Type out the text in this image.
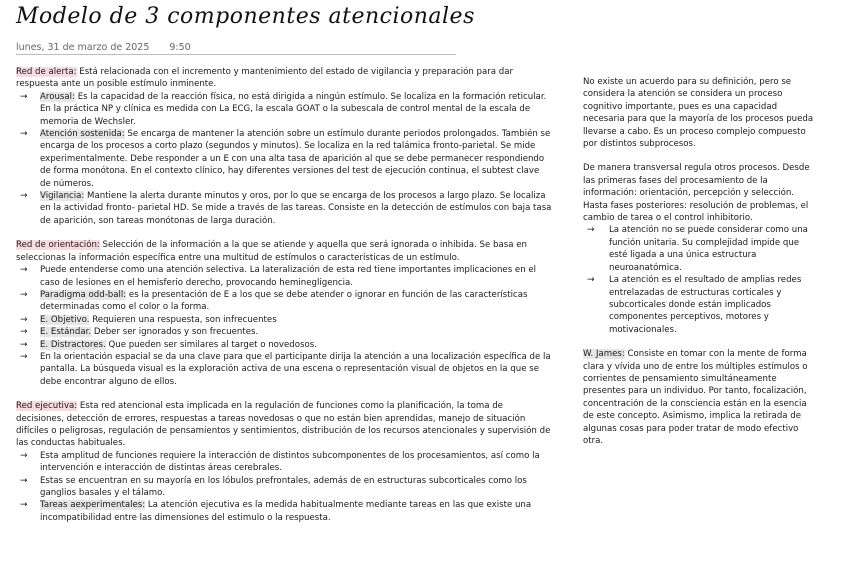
Modelo de 3 componentes atencionales
lunes, 31 de marzo de 2025 9:50

Red de alerta: Está relacionada con el incremento y mantenimiento del estado de vigilancia y preparación para dar respuesta ante un posible estímulo inminente.

→	Arousal: Es la capacidad de la reacción física, no está dirigida a ningún estímulo. Se localiza en la formación reticular. En la práctica NP y clínica es medida con La ECG, la escala GOAT o la subescala de control mental de la escala de memoria de Wechsler.
→	Atención sostenida: Se encarga de mantener la atención sobre un estímulo durante periodos prolongados. También se encarga de los procesos a corto plazo (segundos y minutos). Se localiza en la red talámica fronto-parietal. Se mide experimentalmente. Debe responder a un E con una alta tasa de aparición al que se debe permanecer respondiendo de forma monótona. En el contexto clínico, hay diferentes versiones del test de ejecución continua, el subtest clave de números.
→	Vigilancia: Mantiene la alerta durante minutos y oros, por lo que se encarga de los procesos a largo plazo. Se localiza en la actividad fronto- parietal HD. Se mide a través de las tareas. Consiste en la detección de estímulos con baja tasa de aparición, son tareas monótonas de larga duración.

Red de orientación: Selección de la información a la que se atiende y aquella que será ignorada o inhibida. Se basa en seleccionas la información específica entre una multitud de estímulos o características de un estímulo.

→	Puede entenderse como una atención selectiva. La lateralización de esta red tiene importantes implicaciones en el caso de lesiones en el hemisferio derecho, provocando heminegligencia.
→	Paradigma odd-ball: es la presentación de E a los que se debe atender o ignorar en función de las características determinadas como el color o la forma.
→	E. Objetivo. Requieren una respuesta, son infrecuentes
→	E. Estándar. Deber ser ignorados y son frecuentes.
→	E. Distractores. Que pueden ser similares al target o novedosos.
→	En la orientación espacial se da una clave para que el participante dirija la atención a una localización específica de la pantalla. La búsqueda visual es la exploración activa de una escena o representación visual de objetos en la que se debe encontrar alguno de ellos.

Red ejecutiva: Esta red atencional esta implicada en la regulación de funciones como la planificación, la toma de decisiones, detección de errores, respuestas a tareas novedosas o que no están bien aprendidas, manejo de situación difíciles o peligrosas, regulación de pensamientos y sentimientos, distribución de los recursos atencionales y supervisión de las conductas habituales.

→	Esta amplitud de funciones requiere la interacción de distintos subcomponentes de los procesamientos, así como la intervención e interacción de distintas áreas cerebrales.
→	Estas se encuentran en su mayoría en los lóbulos prefrontales, además de en estructuras subcorticales como los ganglios basales y el tálamo.
→	Tareas aexperimentales: La atención ejecutiva es la medida habitualmente mediante tareas en las que existe una incompatibilidad entre las dimensiones del estimulo o la respuesta.

No existe un acuerdo para su definición, pero se considera la atención se considera un proceso cognitivo importante, pues es una capacidad necesaria para que la mayoría de los procesos pueda llevarse a cabo. Es un proceso complejo compuesto por distintos subprocesos.

De manera transversal regula otros procesos. Desde las primeras fases del procesamiento de la información: orientación, percepción y selección. Hasta fases posteriores: resolución de problemas, el cambio de tarea o el control inhibitorio.

→	La atención no se puede considerar como una función unitaria. Su complejidad impide que esté ligada a una única estructura neuroanatómica.
→	La atención es el resultado de amplias redes entrelazadas de estructuras corticales y subcorticales donde están implicados componentes perceptivos, motores y motivacionales.

W. James: Consiste en tomar con la mente de forma clara y vívida uno de entre los múltiples estímulos o corrientes de pensamiento simultáneamente presentes para un individuo. Por tanto, focalización, concentración de la consciencia están en la esencia de este concepto. Asimismo, implica la retirada de algunas cosas para poder tratar de modo efectivo otra.
